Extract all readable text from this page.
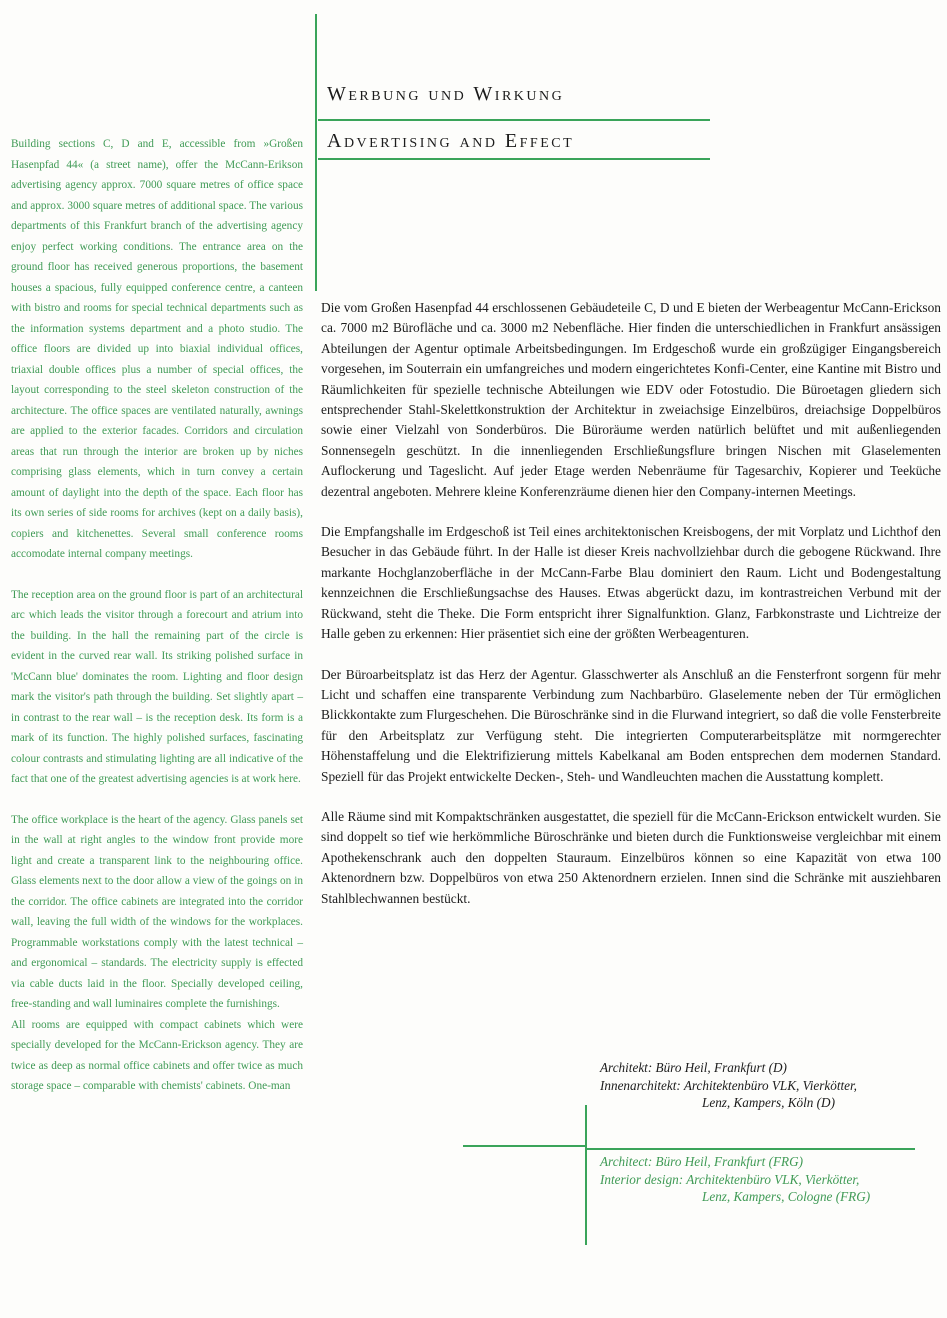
Werbung und Wirkung
Advertising and Effect

Building sections C, D and E, accessible from »Großen Hasenpfad 44« (a street name), offer the McCann-Erikson advertising agency approx. 7000 square metres of office space and approx. 3000 square metres of additional space. The various departments of this Frankfurt branch of the advertising agency enjoy perfect working conditions. The entrance area on the ground floor has received generous proportions, the basement houses a spacious, fully equipped conference centre, a canteen with bistro and rooms for special technical departments such as the information systems department and a photo studio. The office floors are divided up into biaxial individual offices, triaxial double offices plus a number of special offices, the layout corresponding to the steel skeleton construction of the architecture. The office spaces are ventilated naturally, awnings are applied to the exterior facades. Corridors and circulation areas that run through the interior are broken up by niches comprising glass elements, which in turn convey a certain amount of daylight into the depth of the space. Each floor has its own series of side rooms for archives (kept on a daily basis), copiers and kitchenettes. Several small conference rooms accomodate internal company meetings.

The reception area on the ground floor is part of an architectural arc which leads the visitor through a forecourt and atrium into the building. In the hall the remaining part of the circle is evident in the curved rear wall. Its striking polished surface in 'McCann blue' dominates the room. Lighting and floor design mark the visitor's path through the building. Set slightly apart – in contrast to the rear wall – is the reception desk. Its form is a mark of its function. The highly polished surfaces, fascinating colour contrasts and stimulating lighting are all indicative of the fact that one of the greatest advertising agencies is at work here.

The office workplace is the heart of the agency. Glass panels set in the wall at right angles to the window front provide more light and create a transparent link to the neighbouring office. Glass elements next to the door allow a view of the goings on in the corridor. The office cabinets are integrated into the corridor wall, leaving the full width of the windows for the workplaces. Programmable workstations comply with the latest technical – and ergonomical – standards. The electricity supply is effected via cable ducts laid in the floor. Specially developed ceiling, free-standing and wall luminaires complete the furnishings.

All rooms are equipped with compact cabinets which were specially developed for the McCann-Erickson agency. They are twice as deep as normal office cabinets and offer twice as much storage space – comparable with chemists' cabinets. One-man

Die vom Großen Hasenpfad 44 erschlossenen Gebäudeteile C, D und E bieten der Werbeagentur McCann-Erickson ca. 7000 m2 Bürofläche und ca. 3000 m2 Nebenfläche. Hier finden die unterschiedlichen in Frankfurt ansässigen Abteilungen der Agentur optimale Arbeitsbedingungen. Im Erdgeschoß wurde ein großzügiger Eingangsbereich vorgesehen, im Souterrain ein umfangreiches und modern eingerichtetes Konfi-Center, eine Kantine mit Bistro und Räumlichkeiten für spezielle technische Abteilungen wie EDV oder Fotostudio. Die Büroetagen gliedern sich entsprechender Stahl-Skelettkonstruktion der Architektur in zweiachsige Einzelbüros, dreiachsige Doppelbüros sowie einer Vielzahl von Sonderbüros. Die Büroräume werden natürlich belüftet und mit außenliegenden Sonnensegeln geschützt. In die innenliegenden Erschließungsflure bringen Nischen mit Glaselementen Auflockerung und Tageslicht. Auf jeder Etage werden Nebenräume für Tagesarchiv, Kopierer und Teeküche dezentral angeboten. Mehrere kleine Konferenzräume dienen hier den Company-internen Meetings.

Die Empfangshalle im Erdgeschoß ist Teil eines architektonischen Kreisbogens, der mit Vorplatz und Lichthof den Besucher in das Gebäude führt. In der Halle ist dieser Kreis nachvollziehbar durch die gebogene Rückwand. Ihre markante Hochglanzoberfläche in der McCann-Farbe Blau dominiert den Raum. Licht und Bodengestaltung kennzeichnen die Erschließungsachse des Hauses. Etwas abgerückt dazu, im kontrastreichen Verbund mit der Rückwand, steht die Theke. Die Form entspricht ihrer Signalfunktion. Glanz, Farbkonstraste und Lichtreize der Halle geben zu erkennen: Hier präsentiet sich eine der größten Werbeagenturen.

Der Büroarbeitsplatz ist das Herz der Agentur. Glasschwerter als Anschluß an die Fensterfront sorgenn für mehr Licht und schaffen eine transparente Verbindung zum Nachbarbüro. Glaselemente neben der Tür ermöglichen Blickkontakte zum Flurgeschehen. Die Büroschränke sind in die Flurwand integriert, so daß die volle Fensterbreite für den Arbeitsplatz zur Verfügung steht. Die integrierten Computerarbeitsplätze mit normgerechter Höhenstaffelung und die Elektrifizierung mittels Kabelkanal am Boden entsprechen dem modernen Standard. Speziell für das Projekt entwickelte Decken-, Steh- und Wandleuchten machen die Ausstattung komplett.

Alle Räume sind mit Kompaktschränken ausgestattet, die speziell für die McCann-Erickson entwickelt wurden. Sie sind doppelt so tief wie herkömmliche Büroschränke und bieten durch die Funktionsweise vergleichbar mit einem Apothekenschrank auch den doppelten Stauraum. Einzelbüros können so eine Kapazität von etwa 100 Aktenordnern bzw. Doppelbüros von etwa 250 Aktenordnern erzielen. Innen sind die Schränke mit ausziehbaren Stahlblechwannen bestückt.

Architekt: Büro Heil, Frankfurt (D)
Innenarchitekt: Architektenbüro VLK, Vierkötter,
Lenz, Kampers, Köln (D)
Architect: Büro Heil, Frankfurt (FRG)
Interior design: Architektenbüro VLK, Vierkötter,
Lenz, Kampers, Cologne (FRG)
